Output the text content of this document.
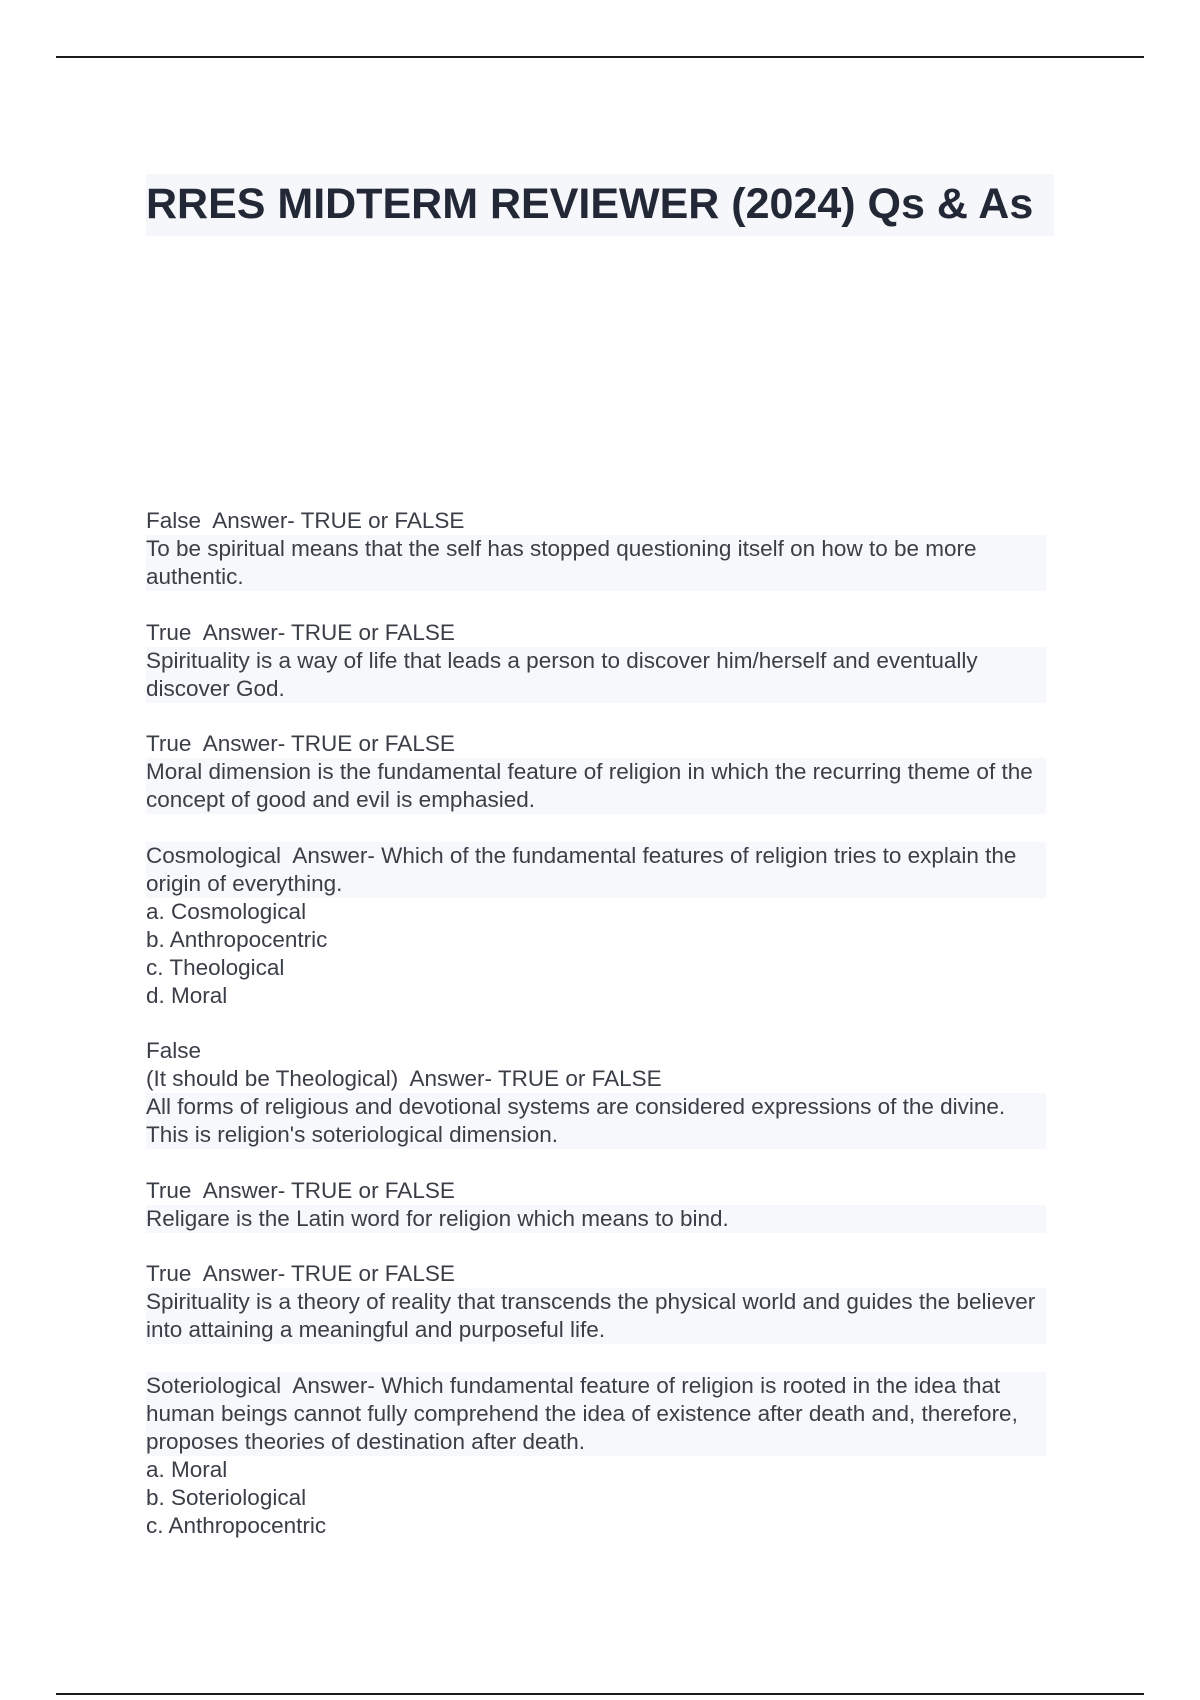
RRES MIDTERM REVIEWER (2024) Qs & As
False  Answer- TRUE or FALSE
To be spiritual means that the self has stopped questioning itself on how to be more authentic.
True  Answer- TRUE or FALSE
Spirituality is a way of life that leads a person to discover him/herself and eventually discover God.
True  Answer- TRUE or FALSE
Moral dimension is the fundamental feature of religion in which the recurring theme of the concept of good and evil is emphasied.
Cosmological  Answer- Which of the fundamental features of religion tries to explain the origin of everything.
a. Cosmological
b. Anthropocentric
c. Theological
d. Moral
False
(It should be Theological)  Answer- TRUE or FALSE
All forms of religious and devotional systems are considered expressions of the divine. This is religion's soteriological dimension.
True  Answer- TRUE or FALSE
Religare is the Latin word for religion which means to bind.
True  Answer- TRUE or FALSE
Spirituality is a theory of reality that transcends the physical world and guides the believer into attaining a meaningful and purposeful life.
Soteriological  Answer- Which fundamental feature of religion is rooted in the idea that human beings cannot fully comprehend the idea of existence after death and, therefore, proposes theories of destination after death.
a. Moral
b. Soteriological
c. Anthropocentric
